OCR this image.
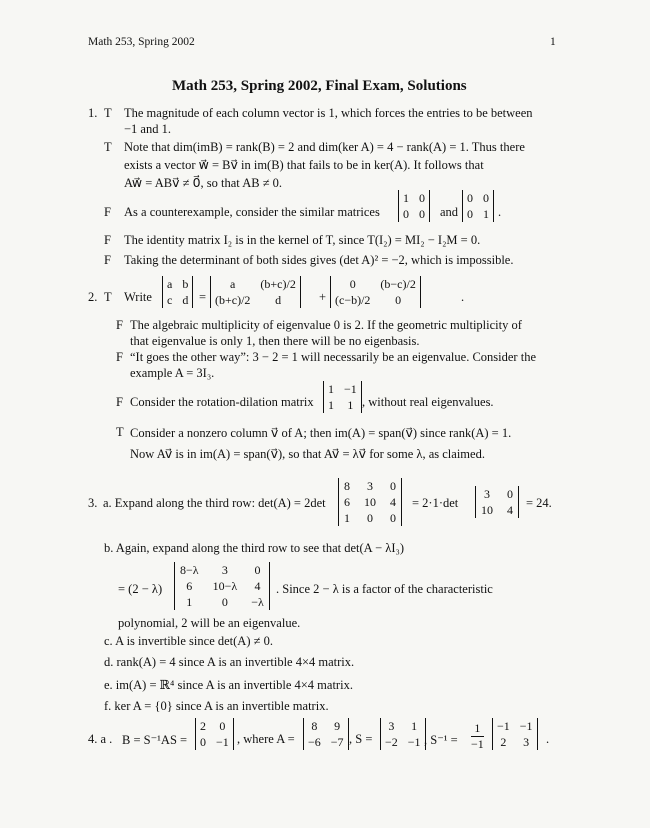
Math 253, Spring 2002	1
Math 253, Spring 2002, Final Exam, Solutions
1. T The magnitude of each column vector is 1, which forces the entries to be between
−1 and 1.
T Note that dim(imB) = rank(B) = 2 and dim(ker A) = 4 − rank(A) = 1. Thus there
exists a vector w⃗ = Bv⃗ in im(B) that fails to be in ker(A). It follows that
Aw⃗ = ABv⃗ ≠ 0⃗, so that AB ≠ 0.
F As a counterexample, consider the similar matrices
1 0
0 0 and
0 0
0 1 .
F The identity matrix I₂ is in the kernel of T, since T(I₂) = MI₂ − I₂M = 0.
F Taking the determinant of both sides gives (det A)² = −2, which is impossible.
2. T Write
a b
c d =
a	(b+c)/2
(b+c)/2	d	+
0	(b−c)/2
(c−b)/2	0	.
F The algebraic multiplicity of eigenvalue 0 is 2. If the geometric multiplicity of
that eigenvalue is only 1, then there will be no eigenbasis.
F “It goes the other way”: 3 − 2 = 1 will necessarily be an eigenvalue. Consider the
example A = 3I₃.
F Consider the rotation-dilation matrix
1 −1
1 1 , without real eigenvalues.
T Consider a nonzero column v⃗ of A; then im(A) = span(v⃗) since rank(A) = 1.
Now Av⃗ is in im(A) = span(v⃗), so that Av⃗ = λv⃗ for some λ, as claimed.
3. a. Expand along the third row: det(A) = 2det
8 3 0
6 10 4
1 0 0
= 2·1·det
3 0
10 4 = 24.
b. Again, expand along the third row to see that det(A − λI₃)
= (2 − λ)
8−λ	3	0
6	10−λ 4
1	0	−λ
. Since 2 − λ is a factor of the characteristic
polynomial, 2 will be an eigenvalue.
c. A is invertible since det(A) ≠ 0.
d. rank(A) = 4 since A is an invertible 4×4 matrix.
e. im(A) = ℝ⁴ since A is an invertible 4×4 matrix.
f. ker A = {0} since A is an invertible matrix.
4. a . B = S⁻¹AS =
2 0
0 −1 , where A =
8 9
−6 −7 , S =
3 1
−2 −1 , S⁻¹ =
1
−1
−1 −1
2 3 .
